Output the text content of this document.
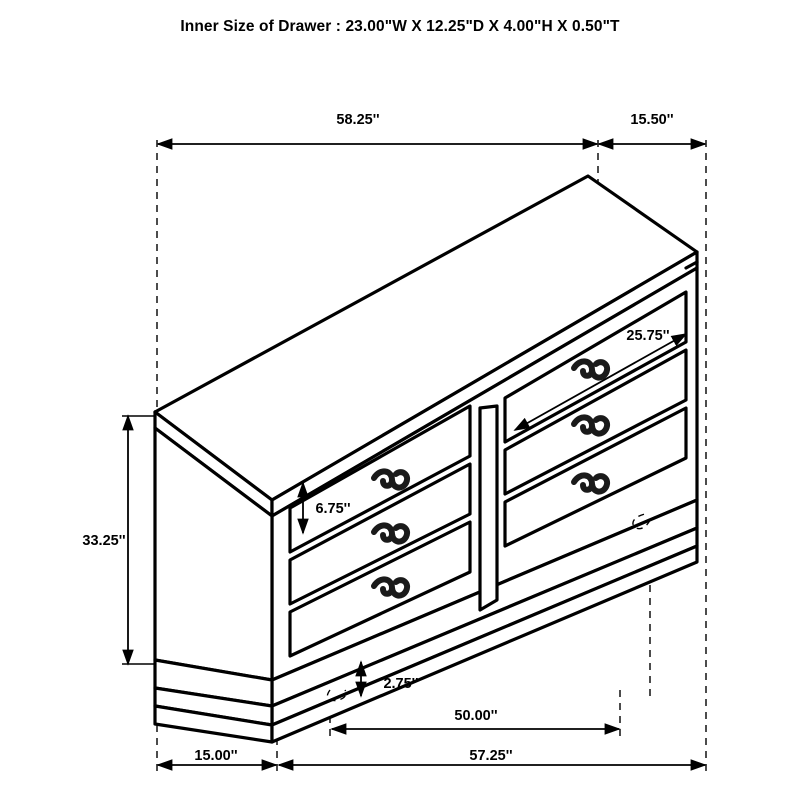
Inner Size of Drawer : 23.00"W X 12.25"D X 4.00"H X 0.50"T
58.25''	15.50''
25.75''
6.75''
33.25''
2.75''
50.00''
15.00''	57.25''
